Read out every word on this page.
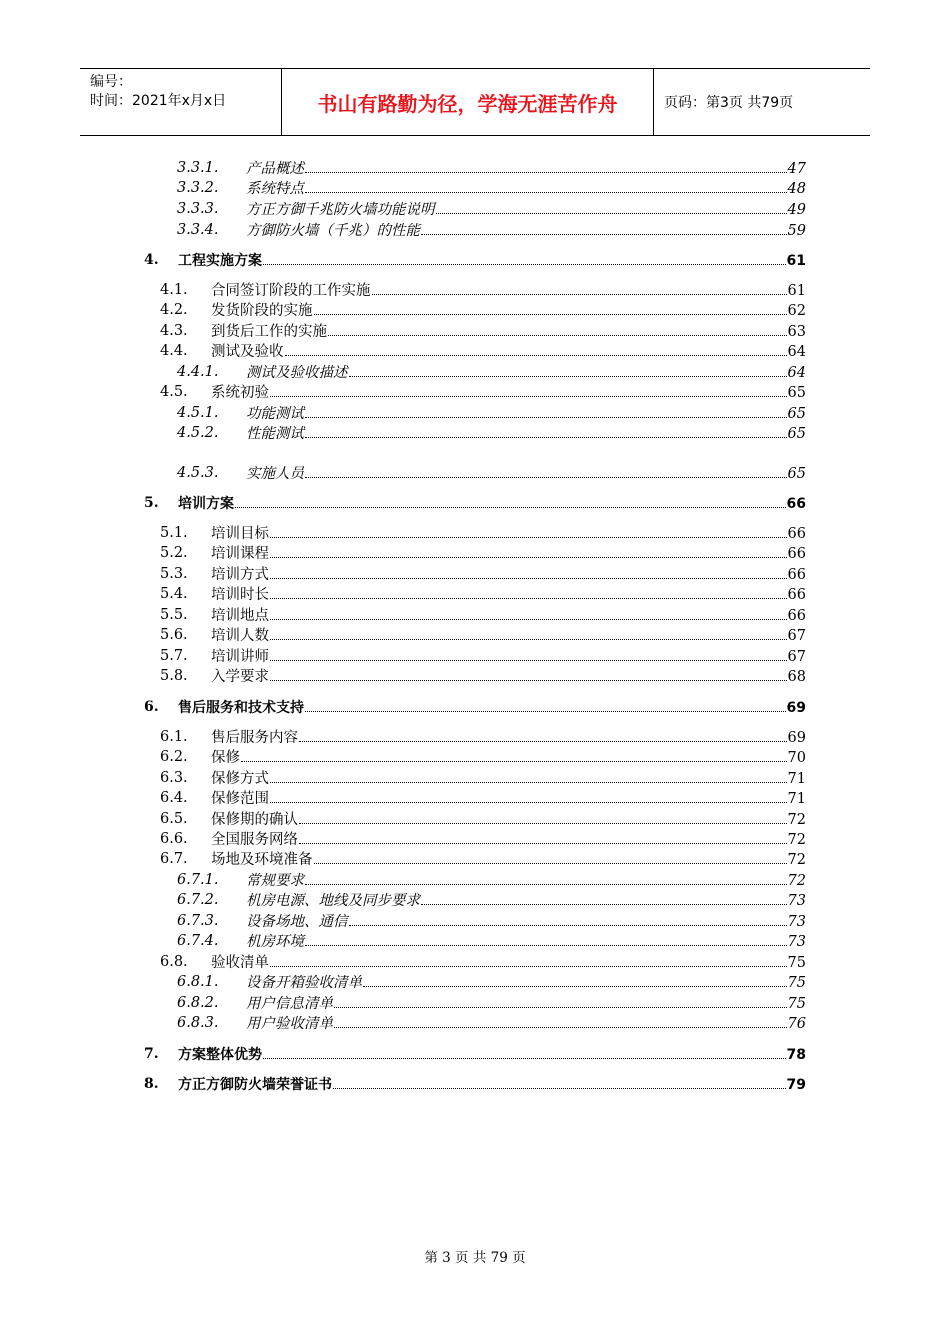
编号：
时间：2021年x月x日	书山有路勤为径，学海无涯苦作舟	页码：第3页 共79页
3.3.1. 产品概述	47
3.3.2. 系统特点	48
3.3.3. 方正方御千兆防火墙功能说明	49
3.3.4. 方御防火墙（千兆）的性能	59
4. 工程实施方案	61
4.1. 合同签订阶段的工作实施	61
4.2. 发货阶段的实施	62
4.3. 到货后工作的实施	63
4.4. 测试及验收	64
4.4.1. 测试及验收描述	64
4.5. 系统初验	65
4.5.1. 功能测试	65
4.5.2. 性能测试	65
4.5.3. 实施人员	65
5. 培训方案	66
5.1. 培训目标	66
5.2. 培训课程	66
5.3. 培训方式	66
5.4. 培训时长	66
5.5. 培训地点	66
5.6. 培训人数	67
5.7. 培训讲师	67
5.8. 入学要求	68
6. 售后服务和技术支持	69
6.1. 售后服务内容	69
6.2. 保修	70
6.3. 保修方式	71
6.4. 保修范围	71
6.5. 保修期的确认	72
6.6. 全国服务网络	72
6.7. 场地及环境准备	72
6.7.1. 常规要求	72
6.7.2. 机房电源、地线及同步要求	73
6.7.3. 设备场地、通信	73
6.7.4. 机房环境	73
6.8. 验收清单	75
6.8.1. 设备开箱验收清单	75
6.8.2. 用户信息清单	75
6.8.3. 用户验收清单	76
7. 方案整体优势	78
8. 方正方御防火墙荣誉证书	79
第 3 页 共 79 页
